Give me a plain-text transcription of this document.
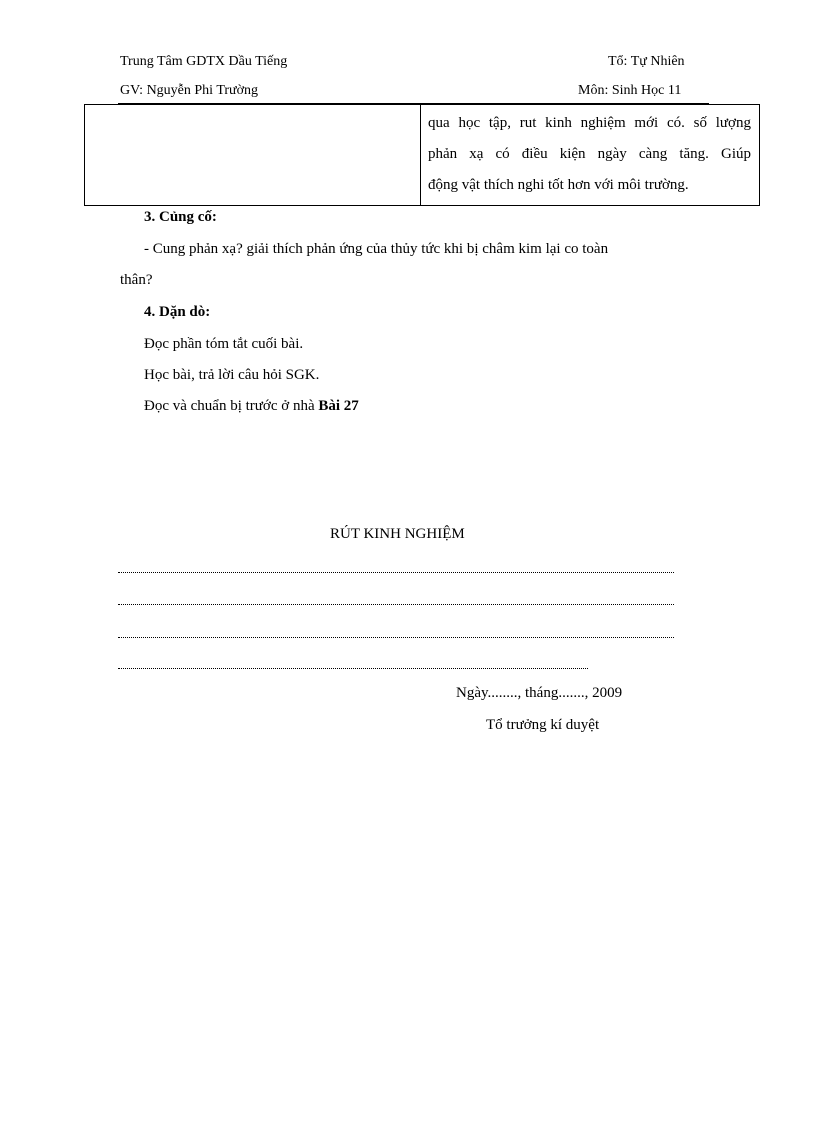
Trung Tâm GDTX Dầu Tiếng	Tổ: Tự Nhiên
GV: Nguyễn Phi Trường	Môn: Sinh Học 11
qua học tập, rut kinh nghiệm mới có. số lượng
phản xạ có điều kiện ngày càng tăng. Giúp
động vật thích nghi tốt hơn với môi trường.
3. Củng cố:
- Cung phản xạ? giải thích phản ứng của thủy tức khi bị châm kim lại co toàn
thân?
4. Dặn dò:
Đọc phần tóm tắt cuối bài.
Học bài, trả lời câu hỏi SGK.
Đọc và chuẩn bị trước ở nhà Bài 27
RÚT KINH NGHIỆM
Ngày........, tháng......., 2009
Tổ trưởng kí duyệt
